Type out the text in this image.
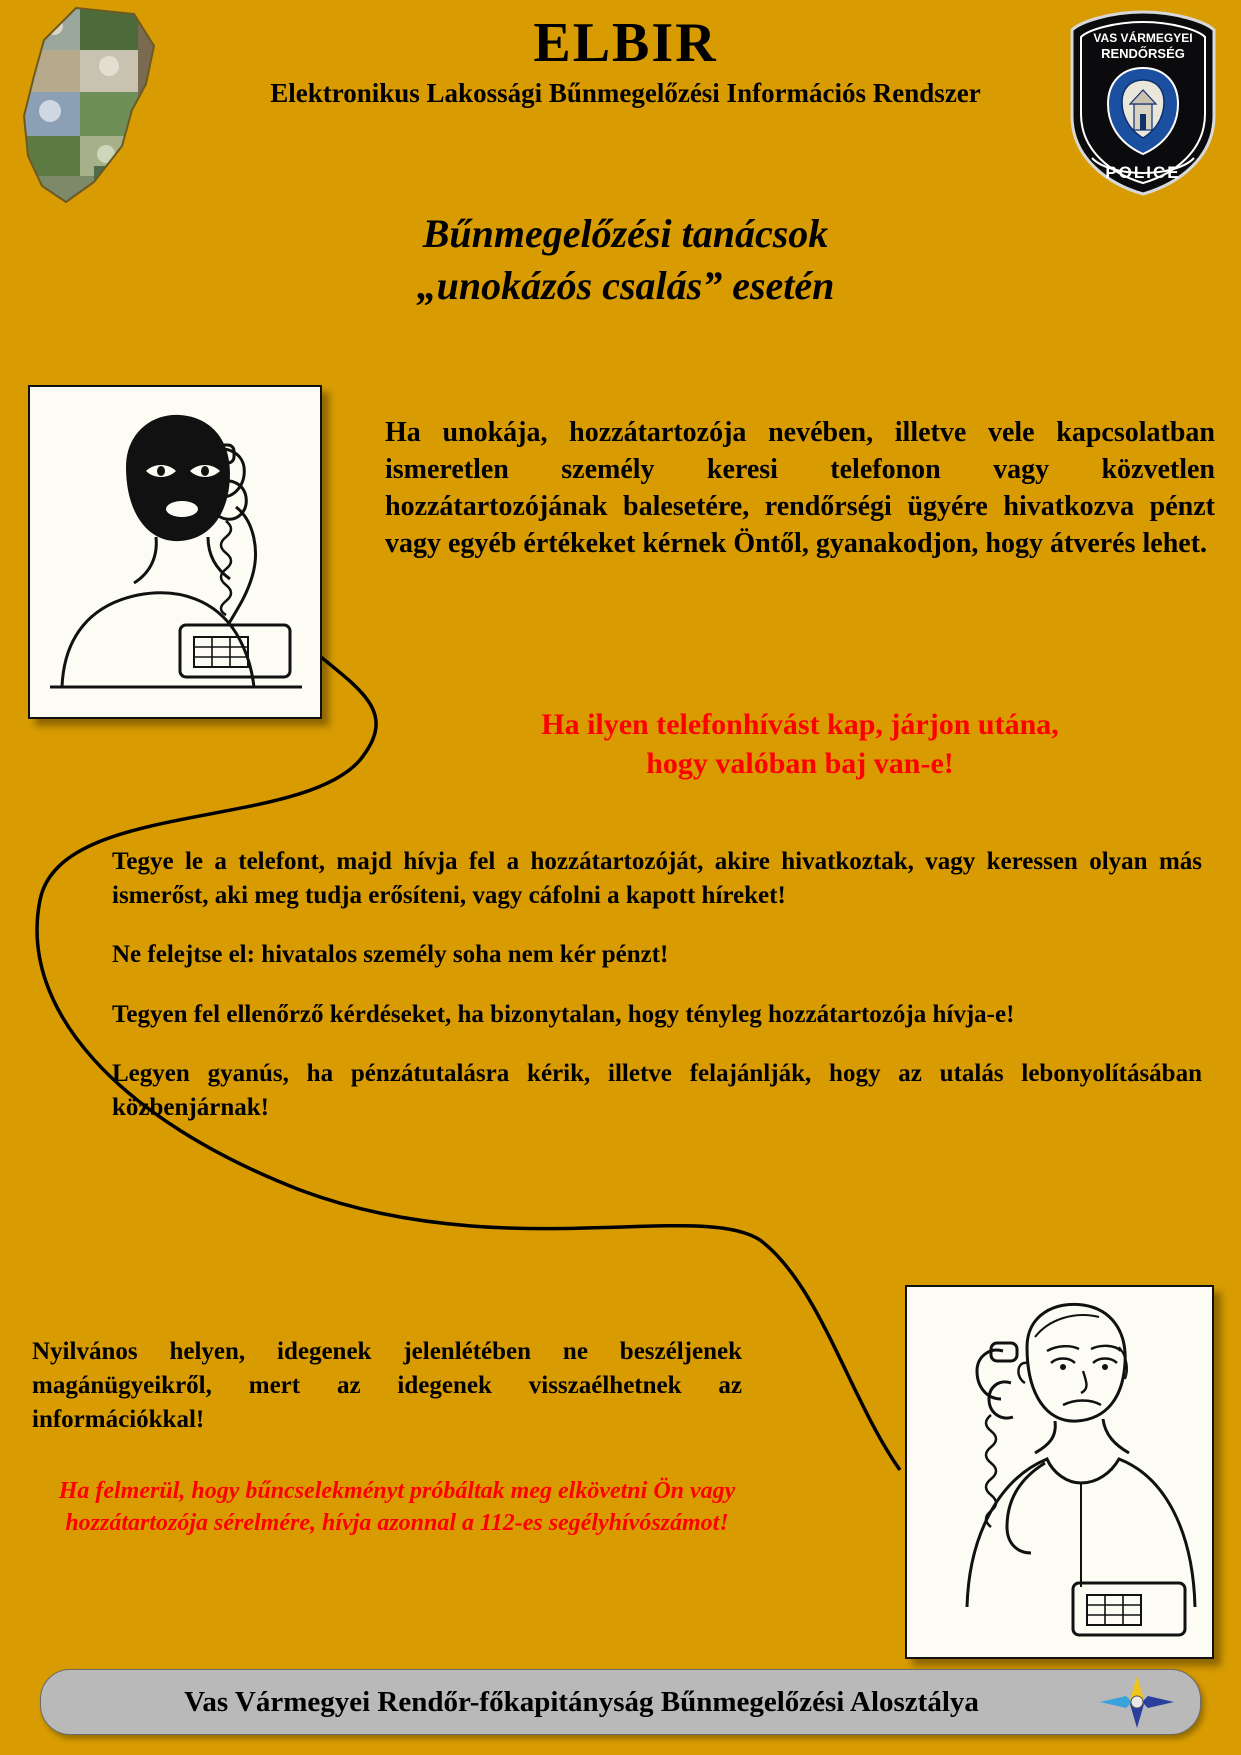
ELBIR
Elektronikus Lakossági Bűnmegelőzési Információs Rendszer
VAS VÁRMEGYEI
RENDŐRSÉG
POLICE
Bűnmegelőzési tanácsok
„unokázós csalás” esetén
Ha unokája, hozzátartozója nevében, illetve vele kapcsolatban ismeretlen személy keresi telefonon vagy közvetlen hozzátartozójának balesetére, rendőrségi ügyére hivatkozva pénzt vagy egyéb értékeket kérnek Öntől, gyanakodjon, hogy átverés lehet.
Ha ilyen telefonhívást kap, járjon utána,
hogy valóban baj van-e!
Tegye le a telefont, majd hívja fel a hozzátartozóját, akire hivatkoztak, vagy keressen olyan más ismerőst, aki meg tudja erősíteni, vagy cáfolni a kapott híreket!
Ne felejtse el: hivatalos személy soha nem kér pénzt!
Tegyen fel ellenőrző kérdéseket, ha bizonytalan, hogy tényleg hozzátartozója hívja-e!
Legyen gyanús, ha pénzátutalásra kérik, illetve felajánlják, hogy az utalás lebonyolításában közbenjárnak!
Nyilvános helyen, idegenek jelenlétében ne beszéljenek magánügyeikről, mert az idegenek visszaélhetnek az információkkal!
Ha felmerül, hogy bűncselekményt próbáltak meg elkövetni Ön vagy hozzátartozója sérelmére, hívja azonnal a 112-es segélyhívószámot!
Vas Vármegyei Rendőr-főkapitányság Bűnmegelőzési Alosztálya
